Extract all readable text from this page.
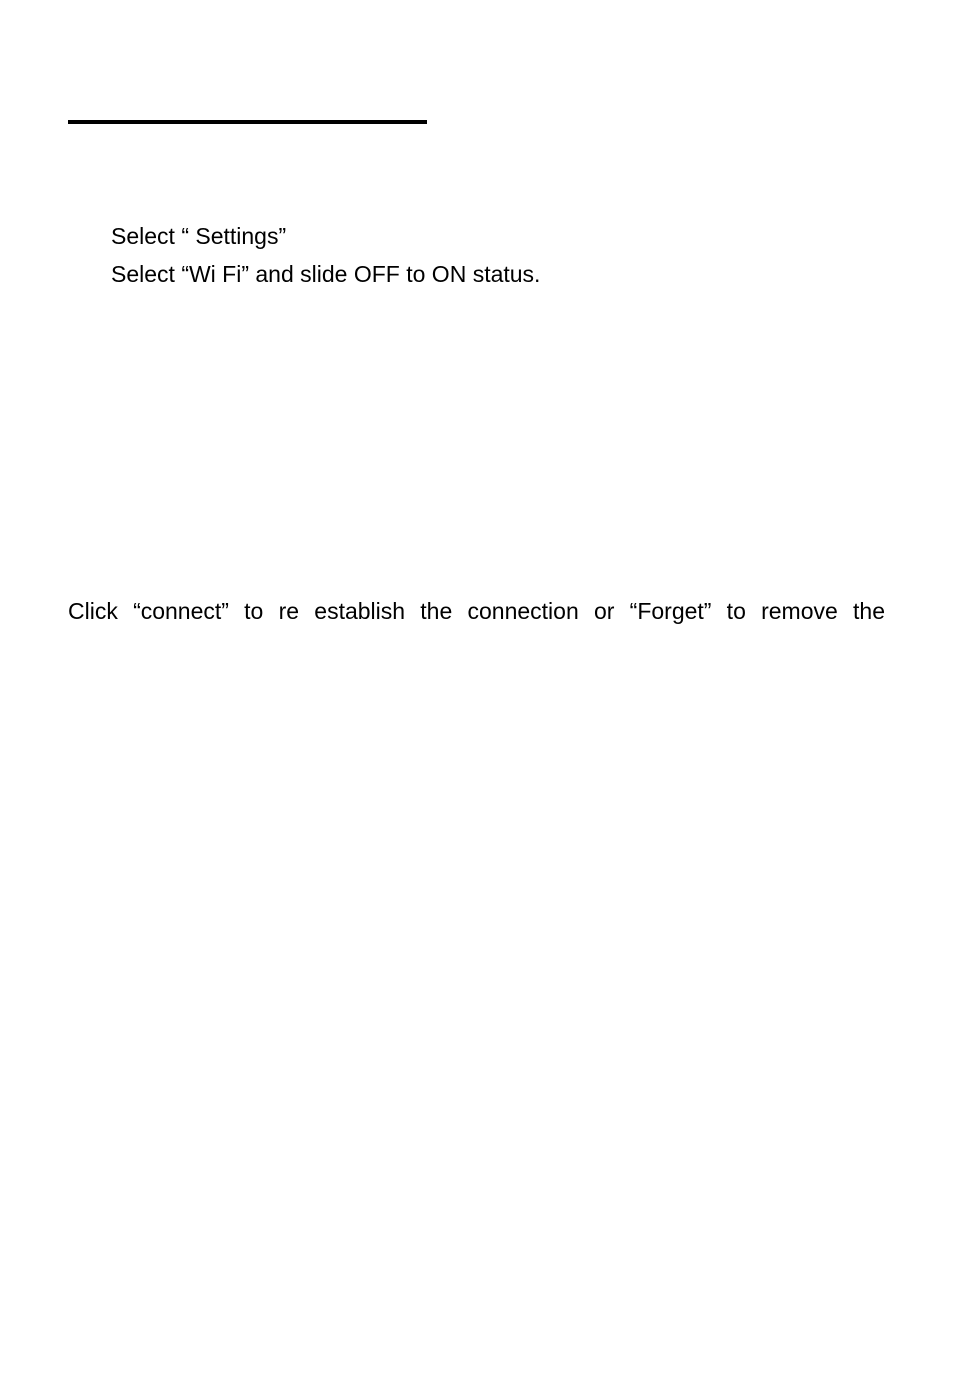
Select “ Settings”
Select “Wi Fi” and slide OFF to ON status.
Click “connect” to re establish the connection or “Forget” to remove the
